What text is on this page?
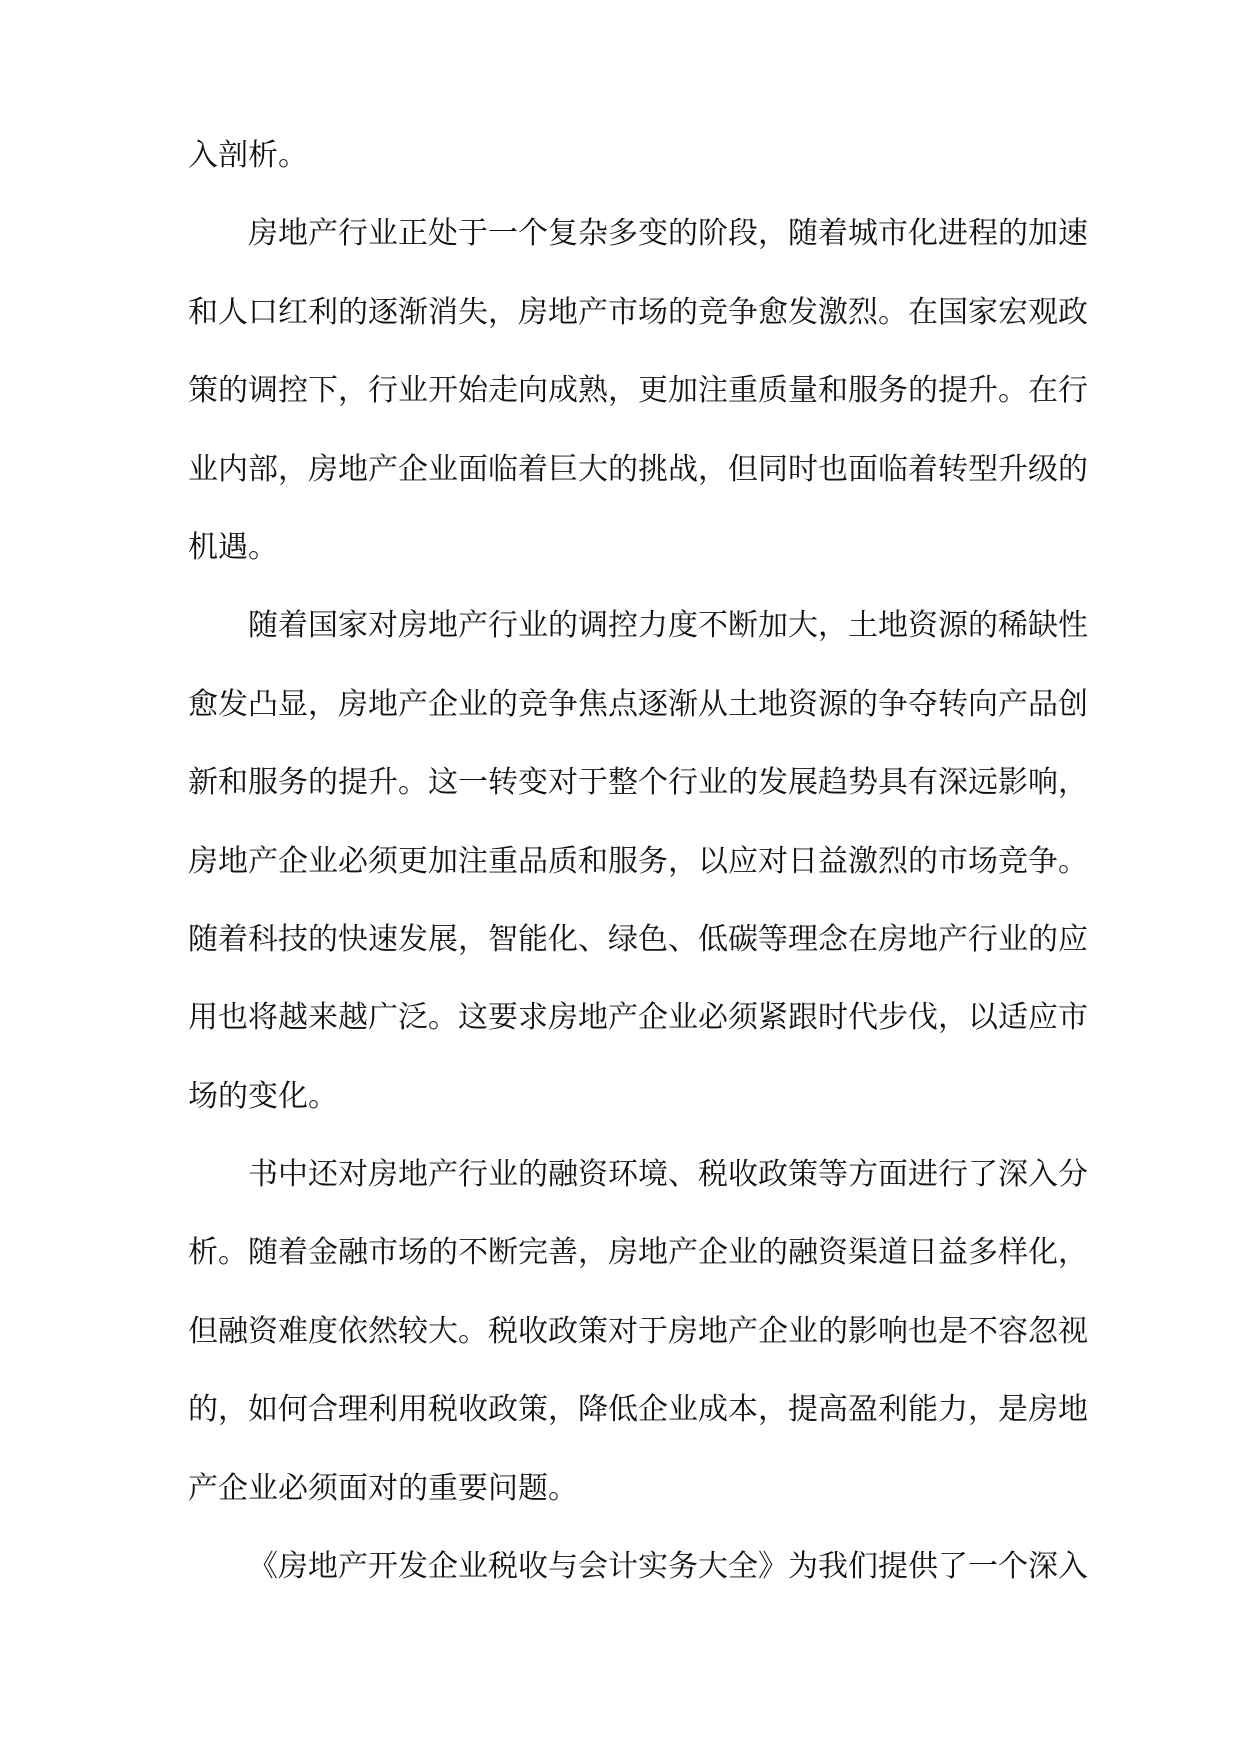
入剖析。
房地产行业正处于一个复杂多变的阶段，随着城市化进程的加速
和人口红利的逐渐消失，房地产市场的竞争愈发激烈。在国家宏观政
策的调控下，行业开始走向成熟，更加注重质量和服务的提升。在行
业内部，房地产企业面临着巨大的挑战，但同时也面临着转型升级的
机遇。
随着国家对房地产行业的调控力度不断加大，土地资源的稀缺性
愈发凸显，房地产企业的竞争焦点逐渐从土地资源的争夺转向产品创
新和服务的提升。这一转变对于整个行业的发展趋势具有深远影响，
房地产企业必须更加注重品质和服务，以应对日益激烈的市场竞争。
随着科技的快速发展，智能化、绿色、低碳等理念在房地产行业的应
用也将越来越广泛。这要求房地产企业必须紧跟时代步伐，以适应市
场的变化。
书中还对房地产行业的融资环境、税收政策等方面进行了深入分
析。随着金融市场的不断完善，房地产企业的融资渠道日益多样化，
但融资难度依然较大。税收政策对于房地产企业的影响也是不容忽视
的，如何合理利用税收政策，降低企业成本，提高盈利能力，是房地
产企业必须面对的重要问题。
《房地产开发企业税收与会计实务大全》为我们提供了一个深入
